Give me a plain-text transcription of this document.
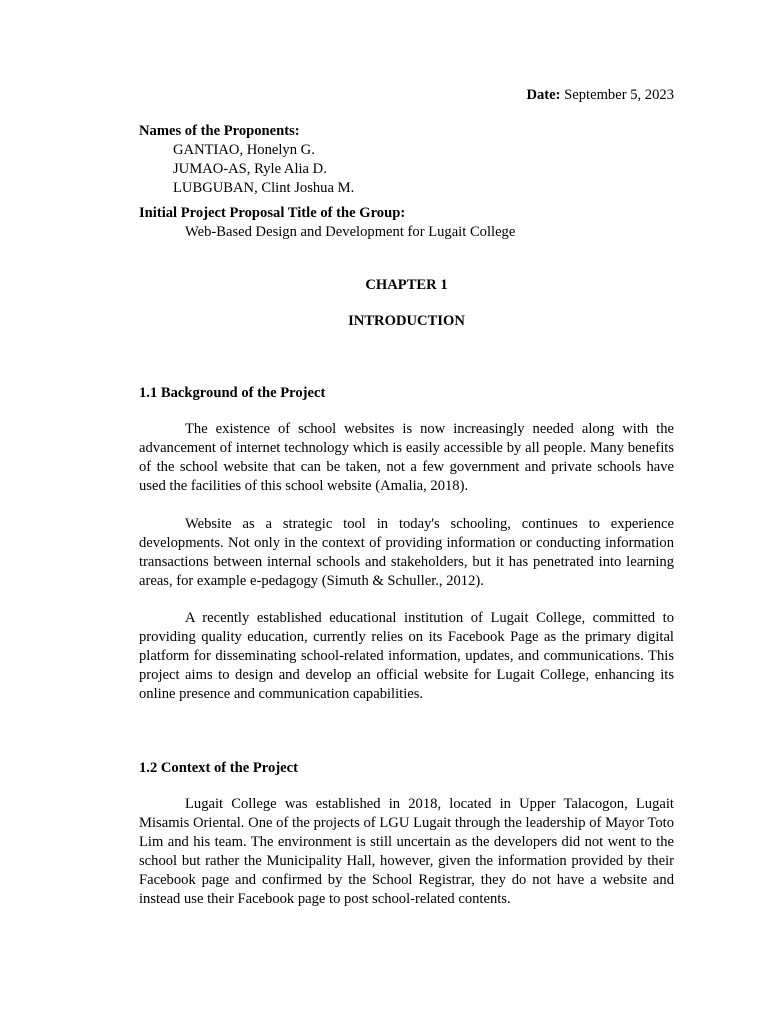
Date: September 5, 2023
Names of the Proponents:
GANTIAO, Honelyn G.
JUMAO-AS, Ryle Alia D.
LUBGUBAN, Clint Joshua M.
Initial Project Proposal Title of the Group:
Web-Based Design and Development for Lugait College
CHAPTER 1
INTRODUCTION
1.1 Background of the Project
The existence of school websites is now increasingly needed along with the advancement of internet technology which is easily accessible by all people. Many benefits of the school website that can be taken, not a few government and private schools have used the facilities of this school website (Amalia, 2018).
Website as a strategic tool in today's schooling, continues to experience developments. Not only in the context of providing information or conducting information transactions between internal schools and stakeholders, but it has penetrated into learning areas, for example e-pedagogy (Simuth & Schuller., 2012).
A recently established educational institution of Lugait College, committed to providing quality education, currently relies on its Facebook Page as the primary digital platform for disseminating school-related information, updates, and communications. This project aims to design and develop an official website for Lugait College, enhancing its online presence and communication capabilities.
1.2 Context of the Project
Lugait College was established in 2018, located in Upper Talacogon, Lugait Misamis Oriental. One of the projects of LGU Lugait through the leadership of Mayor Toto Lim and his team. The environment is still uncertain as the developers did not went to the school but rather the Municipality Hall, however, given the information provided by their Facebook page and confirmed by the School Registrar, they do not have a website and instead use their Facebook page to post school-related contents.
